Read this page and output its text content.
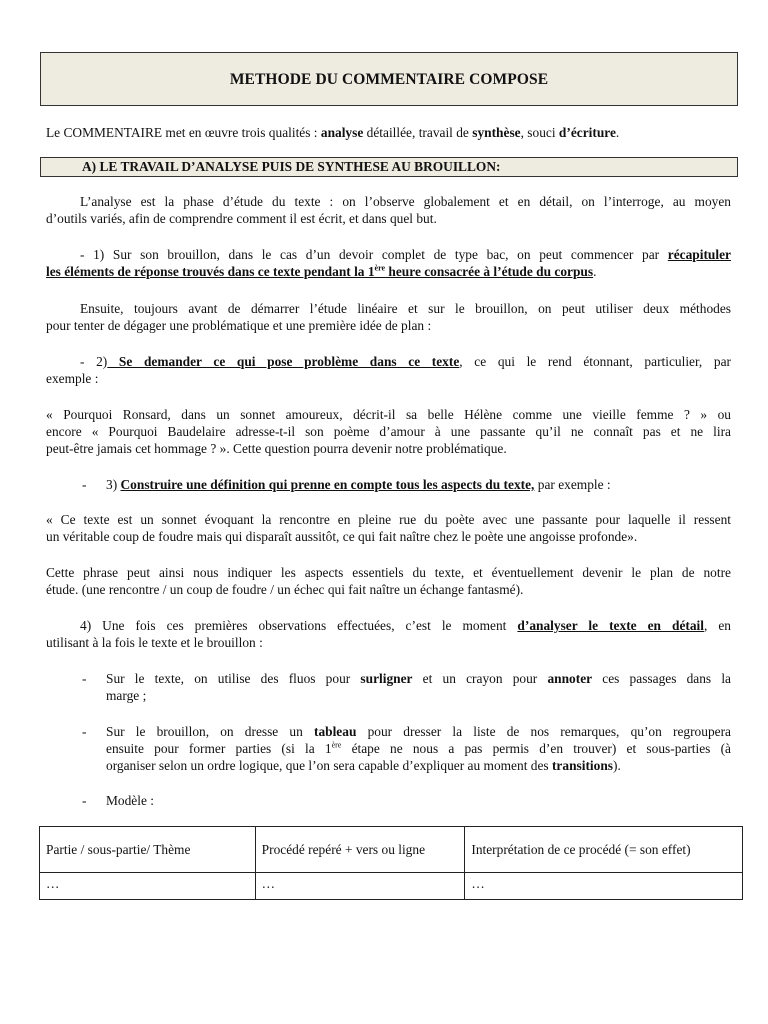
METHODE DU COMMENTAIRE COMPOSE
Le COMMENTAIRE met en œuvre trois qualités : analyse détaillée, travail de synthèse, souci d’écriture.
A) LE TRAVAIL D’ANALYSE PUIS DE SYNTHESE AU BROUILLON:
L’analyse est la phase d’étude du texte : on l’observe globalement et en détail, on l’interroge, au moyen
d’outils variés, afin de comprendre comment il est écrit, et dans quel but.
- 1) Sur son brouillon, dans le cas d’un devoir complet de type bac, on peut commencer par récapituler
les éléments de réponse trouvés dans ce texte pendant la 1ère heure consacrée à l’étude du corpus.
Ensuite, toujours avant de démarrer l’étude linéaire et sur le brouillon, on peut utiliser deux méthodes
pour tenter de dégager une problématique et une première idée de plan :
- 2) Se demander ce qui pose problème dans ce texte, ce qui le rend étonnant, particulier, par
exemple :
« Pourquoi Ronsard, dans un sonnet amoureux, décrit-il sa belle Hélène comme une vieille femme ? » ou
encore « Pourquoi Baudelaire adresse-t-il son poème d’amour à une passante qu’il ne connaît pas et ne lira
peut-être jamais cet hommage ? ». Cette question pourra devenir notre problématique.
- 3) Construire une définition qui prenne en compte tous les aspects du texte, par exemple :
« Ce texte est un sonnet évoquant la rencontre en pleine rue du poète avec une passante pour laquelle il ressent
un véritable coup de foudre mais qui disparaît aussitôt, ce qui fait naître chez le poète une angoisse profonde».
Cette phrase peut ainsi nous indiquer les aspects essentiels du texte, et éventuellement devenir le plan de notre
étude. (une rencontre / un coup de foudre / un échec qui fait naître un échange fantasmé).
4) Une fois ces premières observations effectuées, c’est le moment d’analyser le texte en détail, en
utilisant à la fois le texte et le brouillon :
- Sur le texte, on utilise des fluos pour surligner et un crayon pour annoter ces passages dans la
marge ;
- Sur le brouillon, on dresse un tableau pour dresser la liste de nos remarques, qu’on regroupera
ensuite pour former parties (si la 1ère étape ne nous a pas permis d’en trouver) et sous-parties (à
organiser selon un ordre logique, que l’on sera capable d’expliquer au moment des transitions).
- Modèle :
Partie / sous-partie/ Thème	Procédé repéré + vers ou ligne	Interprétation de ce procédé (= son effet)
…	…	…
